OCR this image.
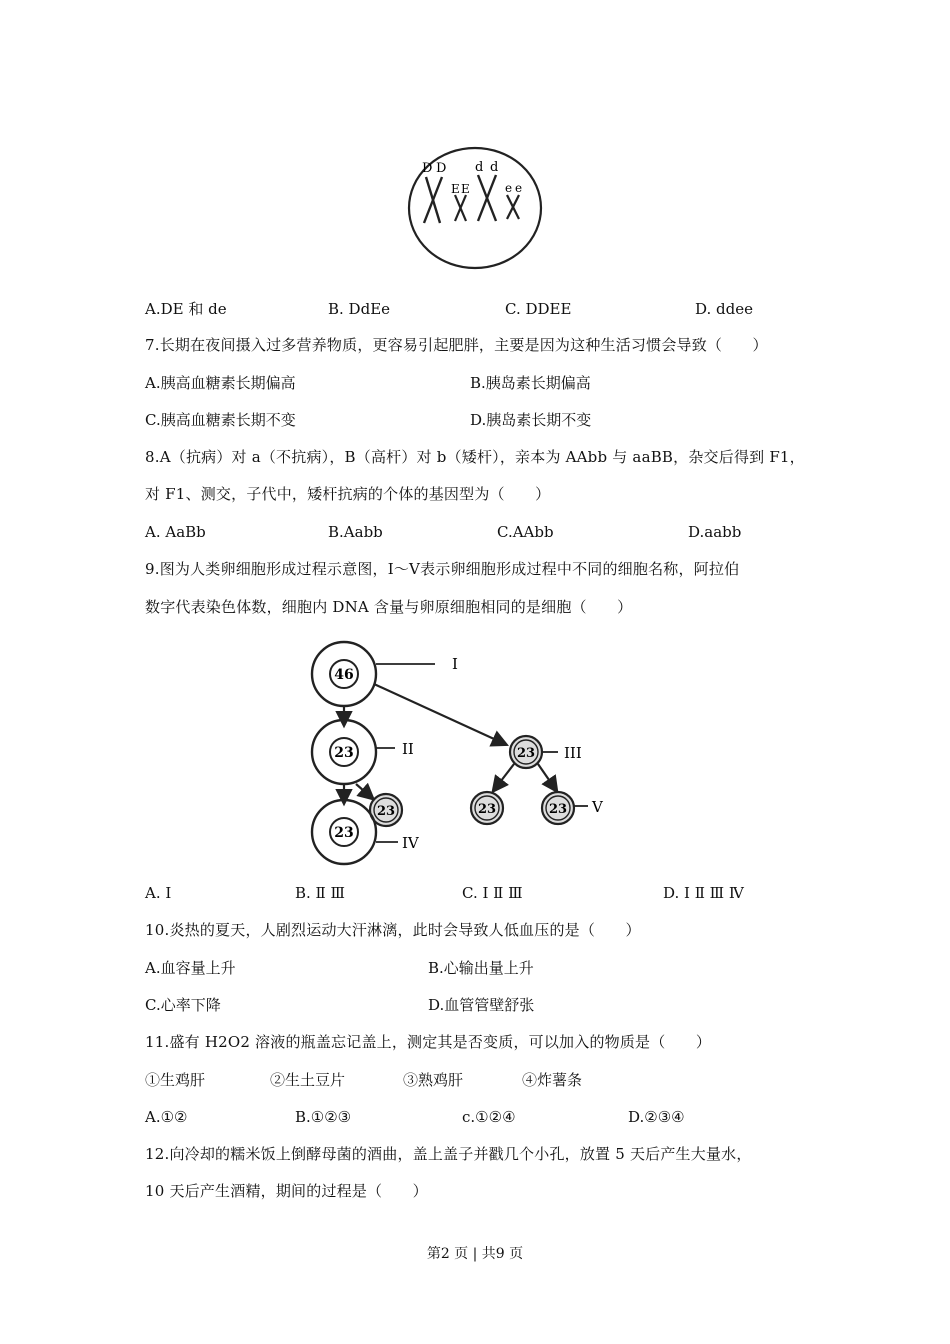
D D
E E
d d
e e
A.DE 和 de	B. DdEe	C. DDEE	D. ddee
7.长期在夜间摄入过多营养物质，更容易引起肥胖，主要是因为这种生活习惯会导致（　　）
A.胰高血糖素长期偏高	B.胰岛素长期偏高
C.胰高血糖素长期不变	D.胰岛素长期不变
8.A（抗病）对 a（不抗病），B（高杆）对 b（矮杆），亲本为 AAbb 与 aaBB，杂交后得到 F1，
对 F1、测交，子代中，矮杆抗病的个体的基因型为（　　）
A. AaBb	B.Aabb	C.AAbb	D.aabb
9.图为人类卵细胞形成过程示意图，Ⅰ～Ⅴ表示卵细胞形成过程中不同的细胞名称，阿拉伯
数字代表染色体数，细胞内 DNA 含量与卵原细胞相同的是细胞（　　）
46
I
23	II	23 III
23	23 V
23
23
IV
A. Ⅰ	B. Ⅱ Ⅲ	C. Ⅰ Ⅱ Ⅲ	D. Ⅰ Ⅱ Ⅲ Ⅳ
10.炎热的夏天，人剧烈运动大汗淋漓，此时会导致人低血压的是（　　）
A.血容量上升	B.心输出量上升
C.心率下降	D.血管管壁舒张
11.盛有 H2O2 溶液的瓶盖忘记盖上，测定其是否变质，可以加入的物质是（　　）
①生鸡肝	②生土豆片	③熟鸡肝	④炸薯条
A.①②	B.①②③	c.①②④	D.②③④
12.向冷却的糯米饭上倒酵母菌的酒曲，盖上盖子并戳几个小孔，放置 5 天后产生大量水，
10 天后产生酒精，期间的过程是（　　）
第2 页 | 共9 页
